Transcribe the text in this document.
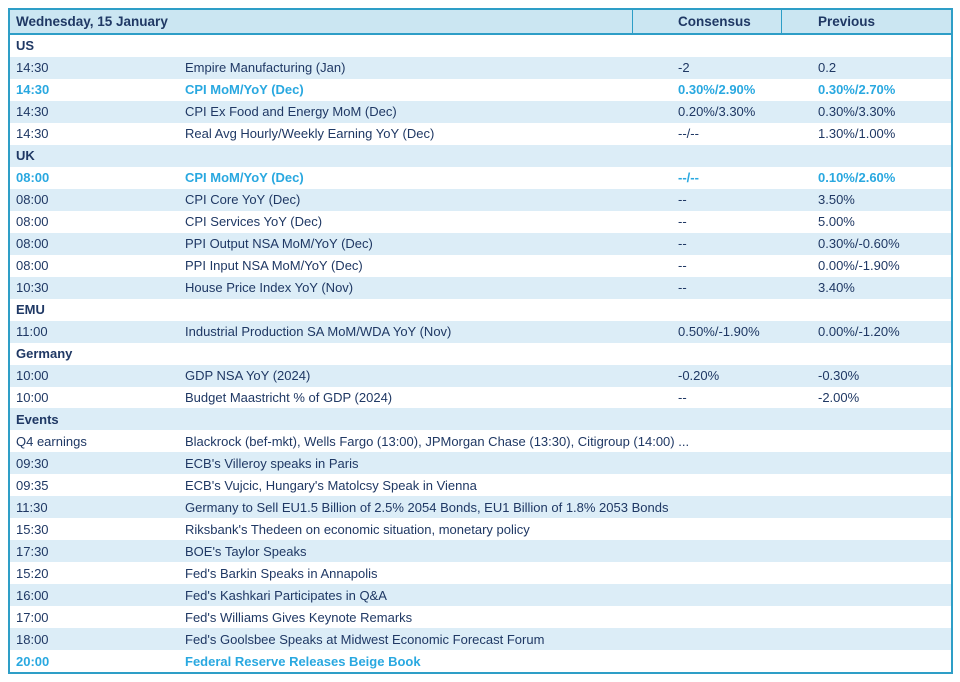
Wednesday, 15 January	Consensus	Previous
US
14:30	Empire Manufacturing (Jan)	-2	0.2
14:30	CPI MoM/YoY (Dec)	0.30%/2.90%	0.30%/2.70%
14:30	CPI Ex Food and Energy MoM (Dec)	0.20%/3.30%	0.30%/3.30%
14:30	Real Avg Hourly/Weekly Earning YoY (Dec)	--/--	1.30%/1.00%
UK
08:00	CPI MoM/YoY (Dec)	--/--	0.10%/2.60%
08:00	CPI Core YoY (Dec)	--	3.50%
08:00	CPI Services YoY (Dec)	--	5.00%
08:00	PPI Output NSA MoM/YoY (Dec)	--	0.30%/-0.60%
08:00	PPI Input NSA MoM/YoY (Dec)	--	0.00%/-1.90%
10:30	House Price Index YoY (Nov)	--	3.40%
EMU
11:00	Industrial Production SA MoM/WDA YoY (Nov)	0.50%/-1.90%	0.00%/-1.20%
Germany
10:00	GDP NSA YoY (2024)	-0.20%	-0.30%
10:00	Budget Maastricht % of GDP (2024)	--	-2.00%
Events
Q4 earnings	Blackrock (bef-mkt), Wells Fargo (13:00), JPMorgan Chase (13:30), Citigroup (14:00) ...
09:30	ECB's Villeroy speaks in Paris
09:35	ECB's Vujcic, Hungary's Matolcsy Speak in Vienna
11:30	Germany to Sell EU1.5 Billion of 2.5% 2054 Bonds, EU1 Billion of 1.8% 2053 Bonds
15:30	Riksbank's Thedeen on economic situation, monetary policy
17:30	BOE's Taylor Speaks
15:20	Fed's Barkin Speaks in Annapolis
16:00	Fed's Kashkari Participates in Q&A
17:00	Fed's Williams Gives Keynote Remarks
18:00	Fed's Goolsbee Speaks at Midwest Economic Forecast Forum
20:00	Federal Reserve Releases Beige Book
